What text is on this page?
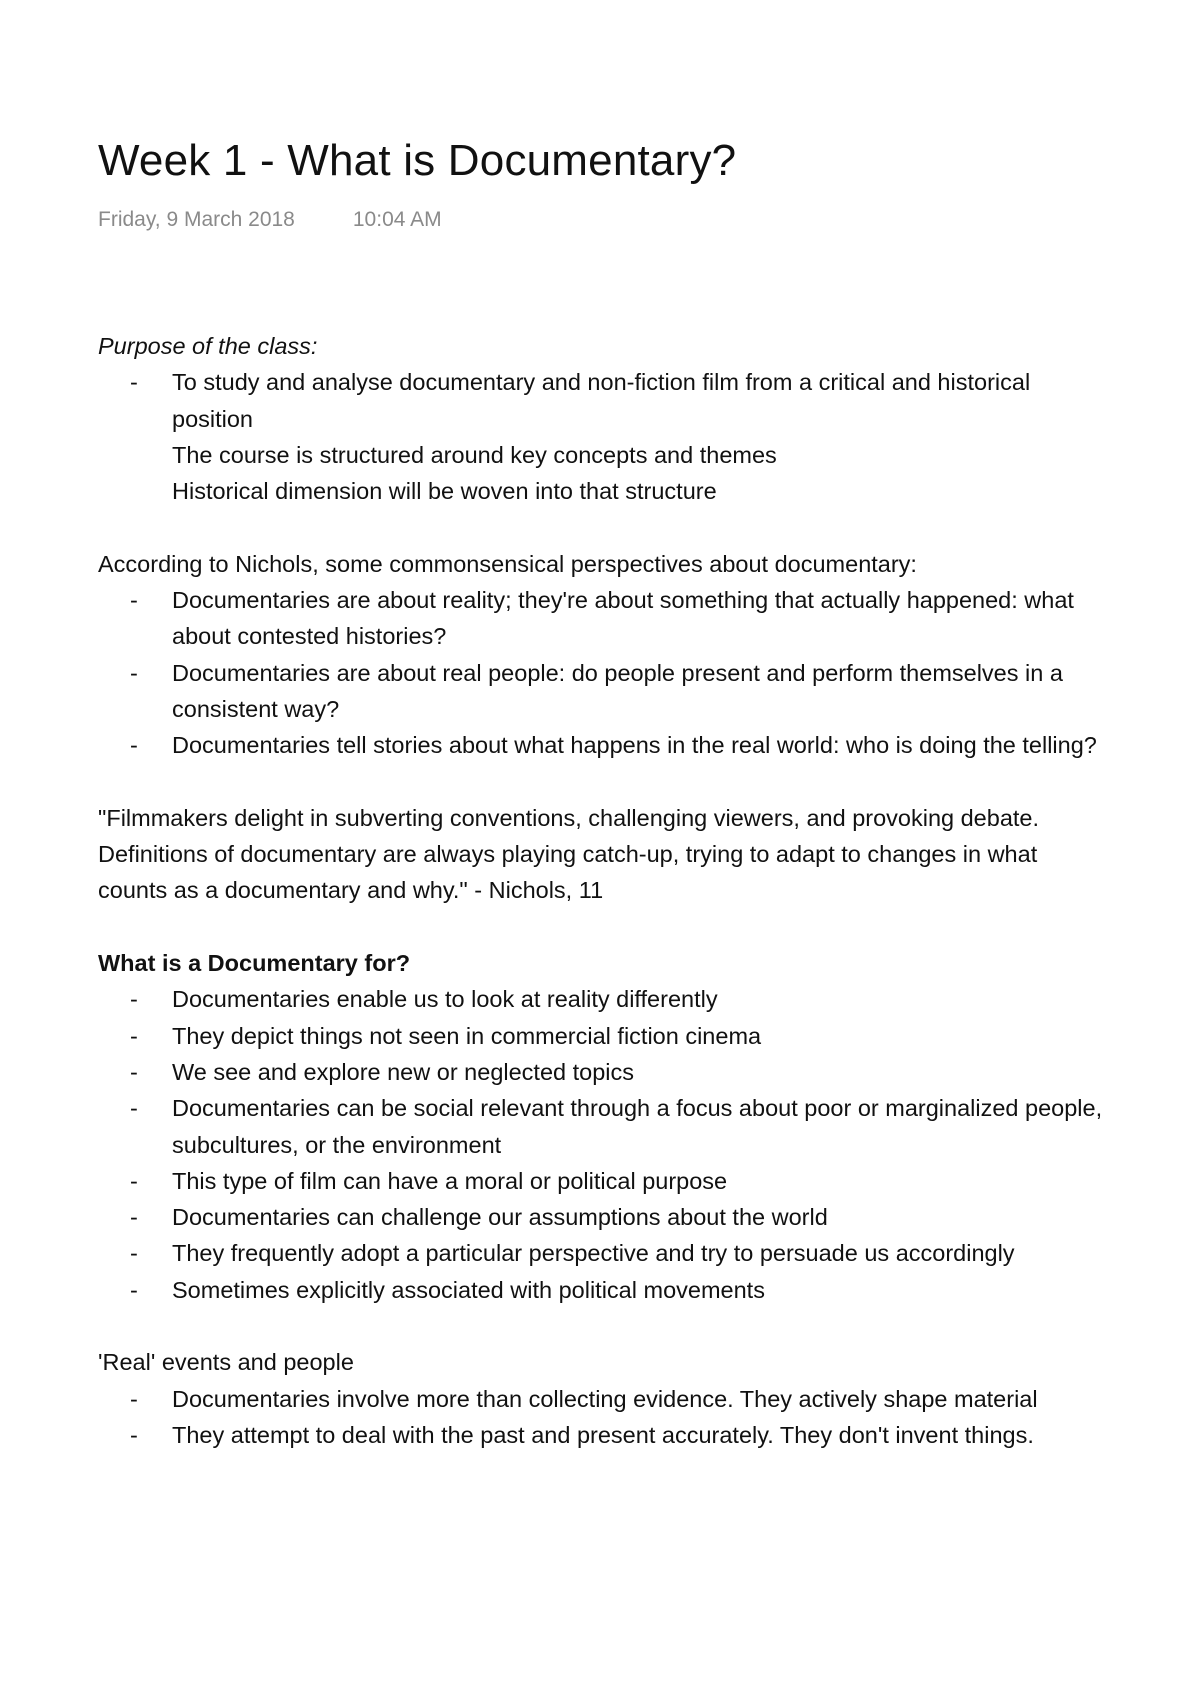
Week 1 - What is Documentary?
Friday, 9 March 2018	10:04 AM

Purpose of the class:

- To study and analyse documentary and non-fiction film from a critical and historical position

The course is structured around key concepts and themes

Historical dimension will be woven into that structure

According to Nichols, some commonsensical perspectives about documentary:

- Documentaries are about reality; they're about something that actually happened: what about contested histories?
- Documentaries are about real people: do people present and perform themselves in a consistent way?
- Documentaries tell stories about what happens in the real world: who is doing the telling?

"Filmmakers delight in subverting conventions, challenging viewers, and provoking debate. Definitions of documentary are always playing catch-up, trying to adapt to changes in what counts as a documentary and why." - Nichols, 11

What is a Documentary for?

- Documentaries enable us to look at reality differently
- They depict things not seen in commercial fiction cinema
- We see and explore new or neglected topics
- Documentaries can be social relevant through a focus about poor or marginalized people, subcultures, or the environment
- This type of film can have a moral or political purpose
- Documentaries can challenge our assumptions about the world
- They frequently adopt a particular perspective and try to persuade us accordingly
- Sometimes explicitly associated with political movements

'Real' events and people

- Documentaries involve more than collecting evidence. They actively shape material
- They attempt to deal with the past and present accurately. They don't invent things.
